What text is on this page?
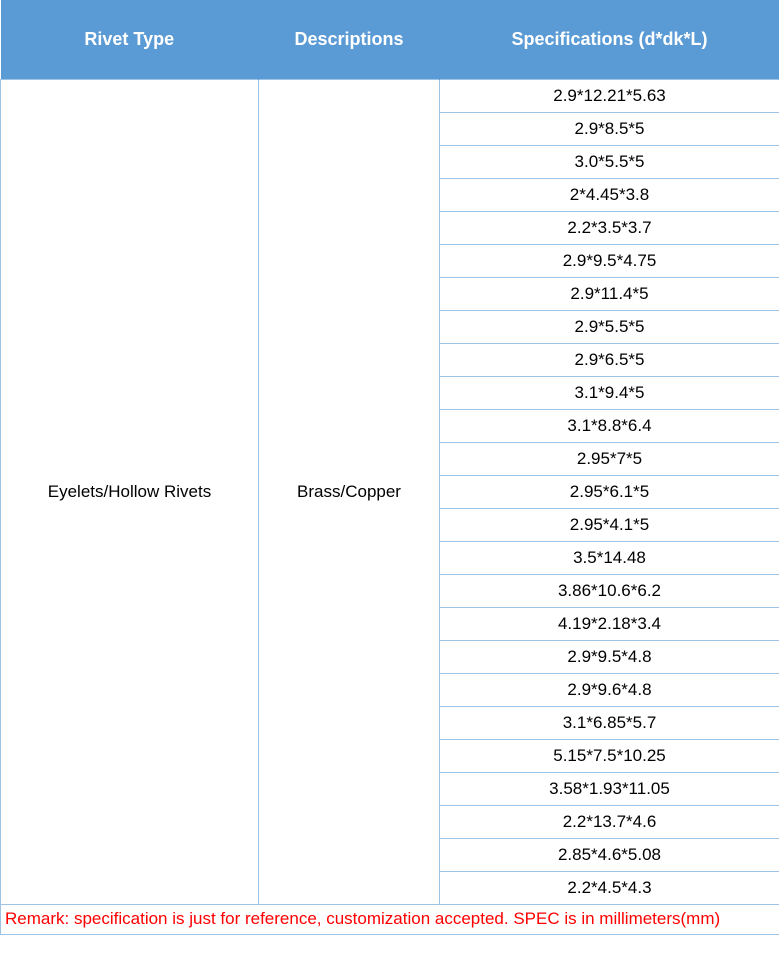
Rivet Type	Descriptions	Specifications (d*dk*L)
Eyelets/Hollow Rivets	Brass/Copper	2.9*12.21*5.63
		2.9*8.5*5
		3.0*5.5*5
		2*4.45*3.8
		2.2*3.5*3.7
		2.9*9.5*4.75
		2.9*11.4*5
		2.9*5.5*5
		2.9*6.5*5
		3.1*9.4*5
		3.1*8.8*6.4
		2.95*7*5
		2.95*6.1*5
		2.95*4.1*5
		3.5*14.48
		3.86*10.6*6.2
		4.19*2.18*3.4
		2.9*9.5*4.8
		2.9*9.6*4.8
		3.1*6.85*5.7
		5.15*7.5*10.25
		3.58*1.93*11.05
		2.2*13.7*4.6
		2.85*4.6*5.08
		2.2*4.5*4.3
Remark: specification is just for reference, customization accepted. SPEC is in millimeters(mm)		
